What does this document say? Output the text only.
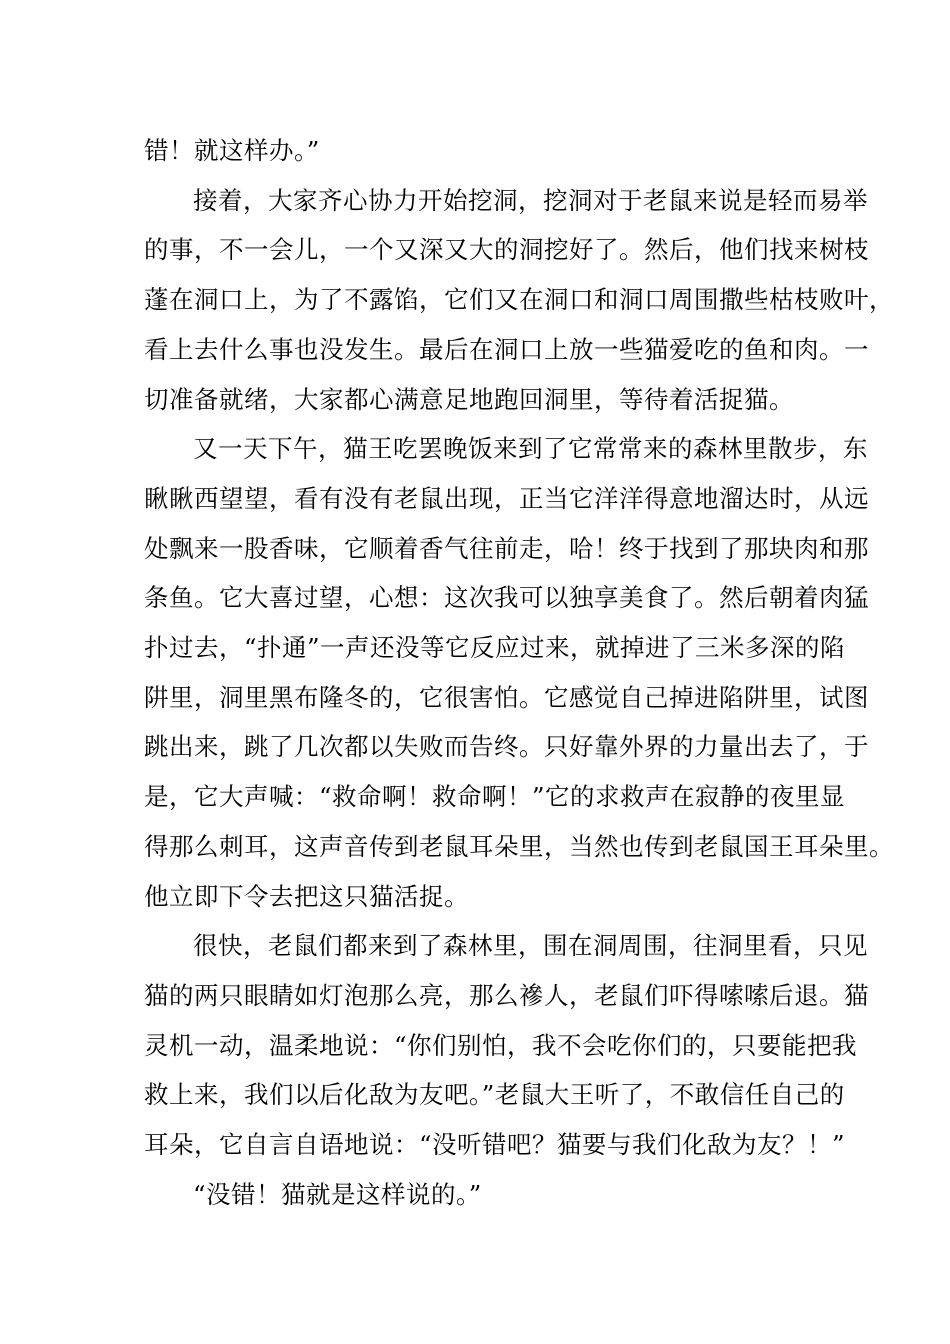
错！就这样办。”

接着，大家齐心协力开始挖洞，挖洞对于老鼠来说是轻而易举
的事，不一会儿，一个又深又大的洞挖好了。然后，他们找来树枝
蓬在洞口上，为了不露馅，它们又在洞口和洞口周围撒些枯枝败叶，
看上去什么事也没发生。最后在洞口上放一些猫爱吃的鱼和肉。一
切准备就绪，大家都心满意足地跑回洞里，等待着活捉猫。

又一天下午，猫王吃罢晚饭来到了它常常来的森林里散步，东
瞅瞅西望望，看有没有老鼠出现，正当它洋洋得意地溜达时，从远
处飘来一股香味，它顺着香气往前走，哈！终于找到了那块肉和那
条鱼。它大喜过望，心想：这次我可以独享美食了。然后朝着肉猛
扑过去，“扑通”一声还没等它反应过来，就掉进了三米多深的陷
阱里，洞里黑布隆冬的，它很害怕。它感觉自己掉进陷阱里，试图
跳出来，跳了几次都以失败而告终。只好靠外界的力量出去了，于
是，它大声喊：“救命啊！救命啊！”它的求救声在寂静的夜里显
得那么刺耳，这声音传到老鼠耳朵里，当然也传到老鼠国王耳朵里。
他立即下令去把这只猫活捉。

很快，老鼠们都来到了森林里，围在洞周围，往洞里看，只见
猫的两只眼睛如灯泡那么亮，那么襂人，老鼠们吓得嗦嗦后退。猫
灵机一动，温柔地说：“你们别怕，我不会吃你们的，只要能把我
救上来，我们以后化敌为友吧。”老鼠大王听了，不敢信任自己的
耳朵，它自言自语地说：“没听错吧？猫要与我们化敌为友？！”

“没错！猫就是这样说的。”
